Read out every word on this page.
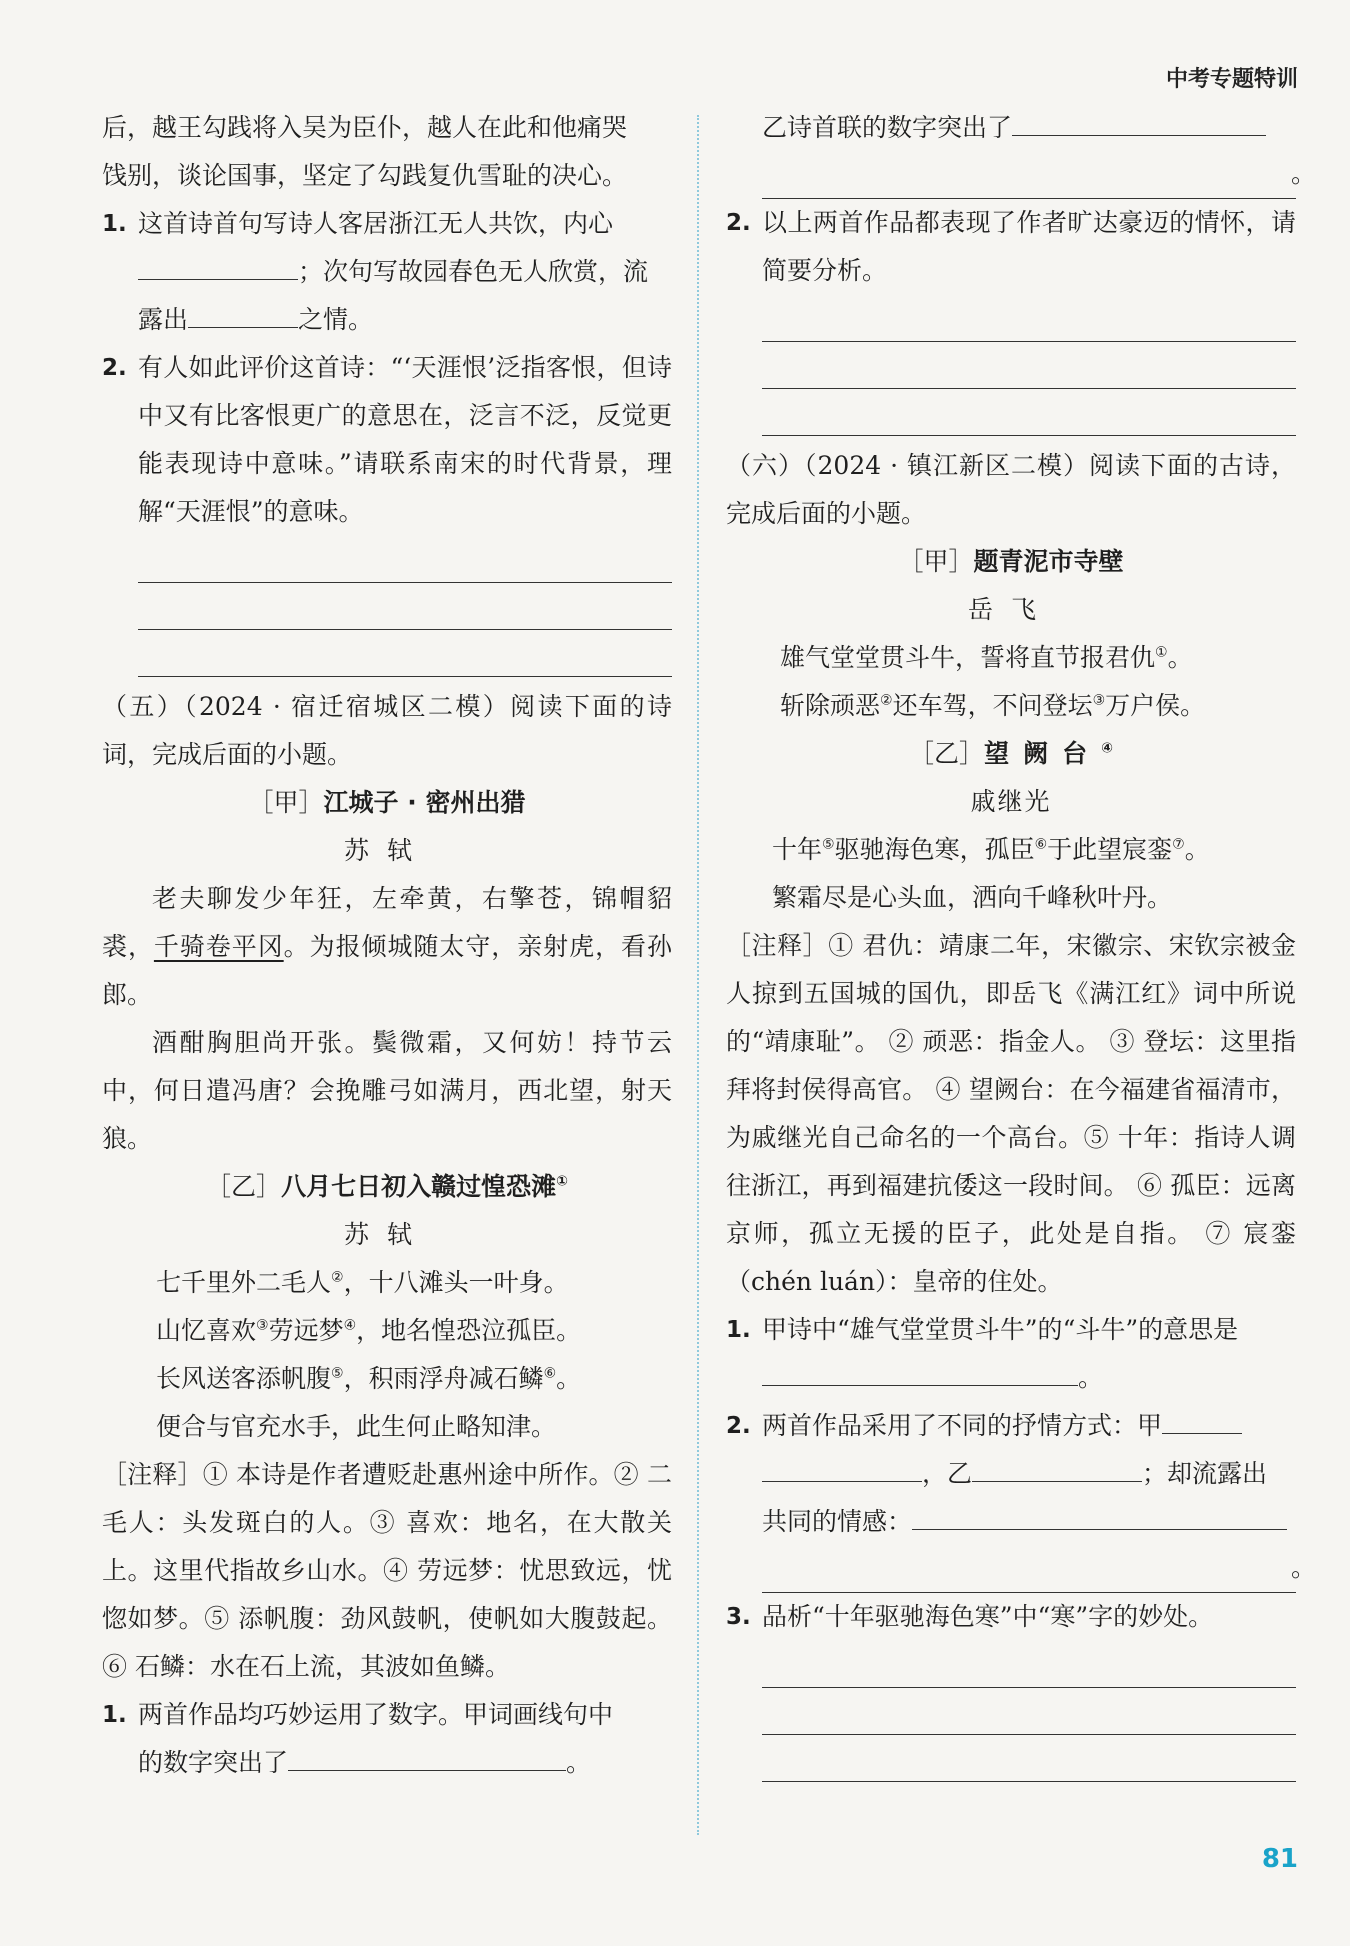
中考专题特训

后，越王勾践将入吴为臣仆，越人在此和他痛哭

饯别，谈论国事，坚定了勾践复仇雪耻的决心。

1. 这首诗首句写诗人客居浙江无人共饮，内心
；次句写故园春色无人欣赏，流
露出	之情。
2. 有人如此评价这首诗：“‘天涯恨’泛指客恨，但诗中又有比客恨更广的意思在，泛言不泛，反觉更能表现诗中意味。”请联系南宋的时代背景，理解“天涯恨”的意味。

（五）（2024 · 宿迁宿城区二模）阅读下面的诗词，完成后面的小题。

［甲］江城子 · 密州出猎

苏轼

老夫聊发少年狂，左牵黄，右擎苍，锦帽貂裘，千骑卷平冈。为报倾城随太守，亲射虎，看孙郎。

酒酣胸胆尚开张。鬓微霜，又何妨！持节云中，何日遣冯唐？会挽雕弓如满月，西北望，射天狼。

［乙］八月七日初入赣过惶恐滩①

苏轼

七千里外二毛人②，十八滩头一叶身。

山忆喜欢③劳远梦④，地名惶恐泣孤臣。

长风送客添帆腹⑤，积雨浮舟减石鳞⑥。

便合与官充水手，此生何止略知津。

［注释］① 本诗是作者遭贬赴惠州途中所作。② 二毛人：头发斑白的人。③ 喜欢：地名，在大散关上。这里代指故乡山水。④ 劳远梦：忧思致远，忧惚如梦。⑤ 添帆腹：劲风鼓帆，使帆如大腹鼓起。⑥ 石鳞：水在石上流，其波如鱼鳞。

1. 两首作品均巧妙运用了数字。甲词画线句中
的数字突出了	。
乙诗首联的数字突出了
。
2. 以上两首作品都表现了作者旷达豪迈的情怀，请简要分析。

（六）（2024 · 镇江新区二模）阅读下面的古诗，完成后面的小题。

［甲］题青泥市寺壁

岳飞

雄气堂堂贯斗牛，誓将直节报君仇①。

斩除顽恶②还车驾，不问登坛③万户侯。

［乙］望阙台④

戚继光

十年⑤驱驰海色寒，孤臣⑥于此望宸銮⑦。

繁霜尽是心头血，洒向千峰秋叶丹。

［注释］① 君仇：靖康二年，宋徽宗、宋钦宗被金人掠到五国城的国仇，即岳飞《满江红》词中所说的“靖康耻”。 ② 顽恶：指金人。 ③ 登坛：这里指拜将封侯得高官。 ④ 望阙台：在今福建省福清市，为戚继光自己命名的一个高台。⑤ 十年：指诗人调往浙江，再到福建抗倭这一段时间。 ⑥ 孤臣：远离京师，孤立无援的臣子，此处是自指。 ⑦ 宸銮（chén luán）：皇帝的住处。

1. 甲诗中“雄气堂堂贯斗牛”的“斗牛”的意思是

。
2. 两首作品采用了不同的抒情方式：甲
，乙	；却流露出
共同的情感：
。
3. 品析“十年驱驰海色寒”中“寒”字的妙处。

81
